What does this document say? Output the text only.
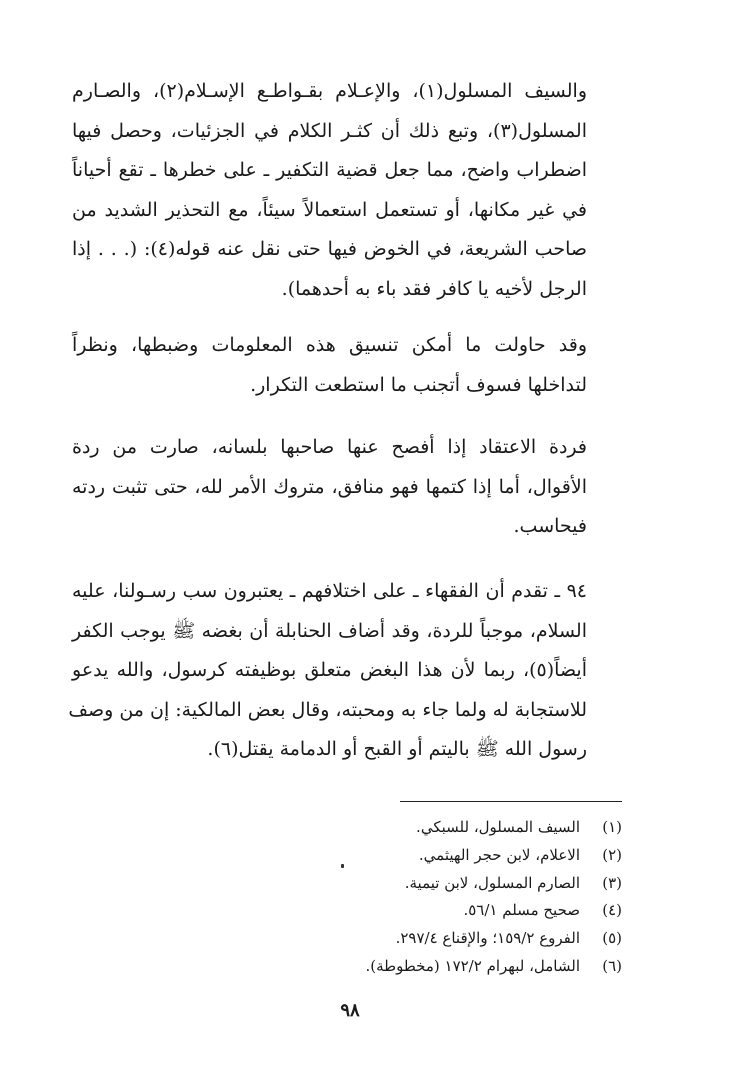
والسيف المسلول(١)، والإعـلام بقـواطـع الإسـلام(٢)، والصـارم
المسلول(٣)، وتبع ذلك أن كثـر الكلام في الجزئيات، وحصل فيها
اضطراب واضح، مما جعل قضية التكفير ـ على خطرها ـ تقع أحياناً
في غير مكانها، أو تستعمل استعمالاً سيئاً، مع التحذير الشديد من
صاحب الشريعة، في الخوض فيها حتى نقل عنه قوله(٤): (. . . إذا
الرجل لأخيه يا كافر فقد باء به أحدهما).
وقد حاولت ما أمكن تنسيق هذه المعلومات وضبطها، ونظراً
لتداخلها فسوف أتجنب ما استطعت التكرار.
فردة الاعتقاد إذا أفصح عنها صاحبها بلسانه، صارت من ردة
الأقوال، أما إذا كتمها فهو منافق، متروك الأمر لله، حتى تثبت ردته
فيحاسب.
٩٤ ـ تقدم أن الفقهاء ـ على اختلافهم ـ يعتبرون سب رسـولنا، عليه
السلام، موجباً للردة، وقد أضاف الحنابلة أن بغضه ﷺ يوجب الكفر
أيضاً(٥)، ربما لأن هذا البغض متعلق بوظيفته كرسول، والله يدعو
للاستجابة له ولما جاء به ومحبته، وقال بعض المالكية: إن من وصف
رسول الله ﷺ باليتم أو القبح أو الدمامة يقتل(٦).
(١)
السيف المسلول، للسبكي.
(٢)
الاعلام، لابن حجر الهيثمي.
(٣)
الصارم المسلول، لابن تيمية.
(٤)
صحيح مسلم ٥٦/١.
(٥)
الفروع ١٥٩/٢؛ والإقناع ٢٩٧/٤.
(٦)
الشامل، لبهرام ١٧٢/٢ (مخطوطة).
٩٨
